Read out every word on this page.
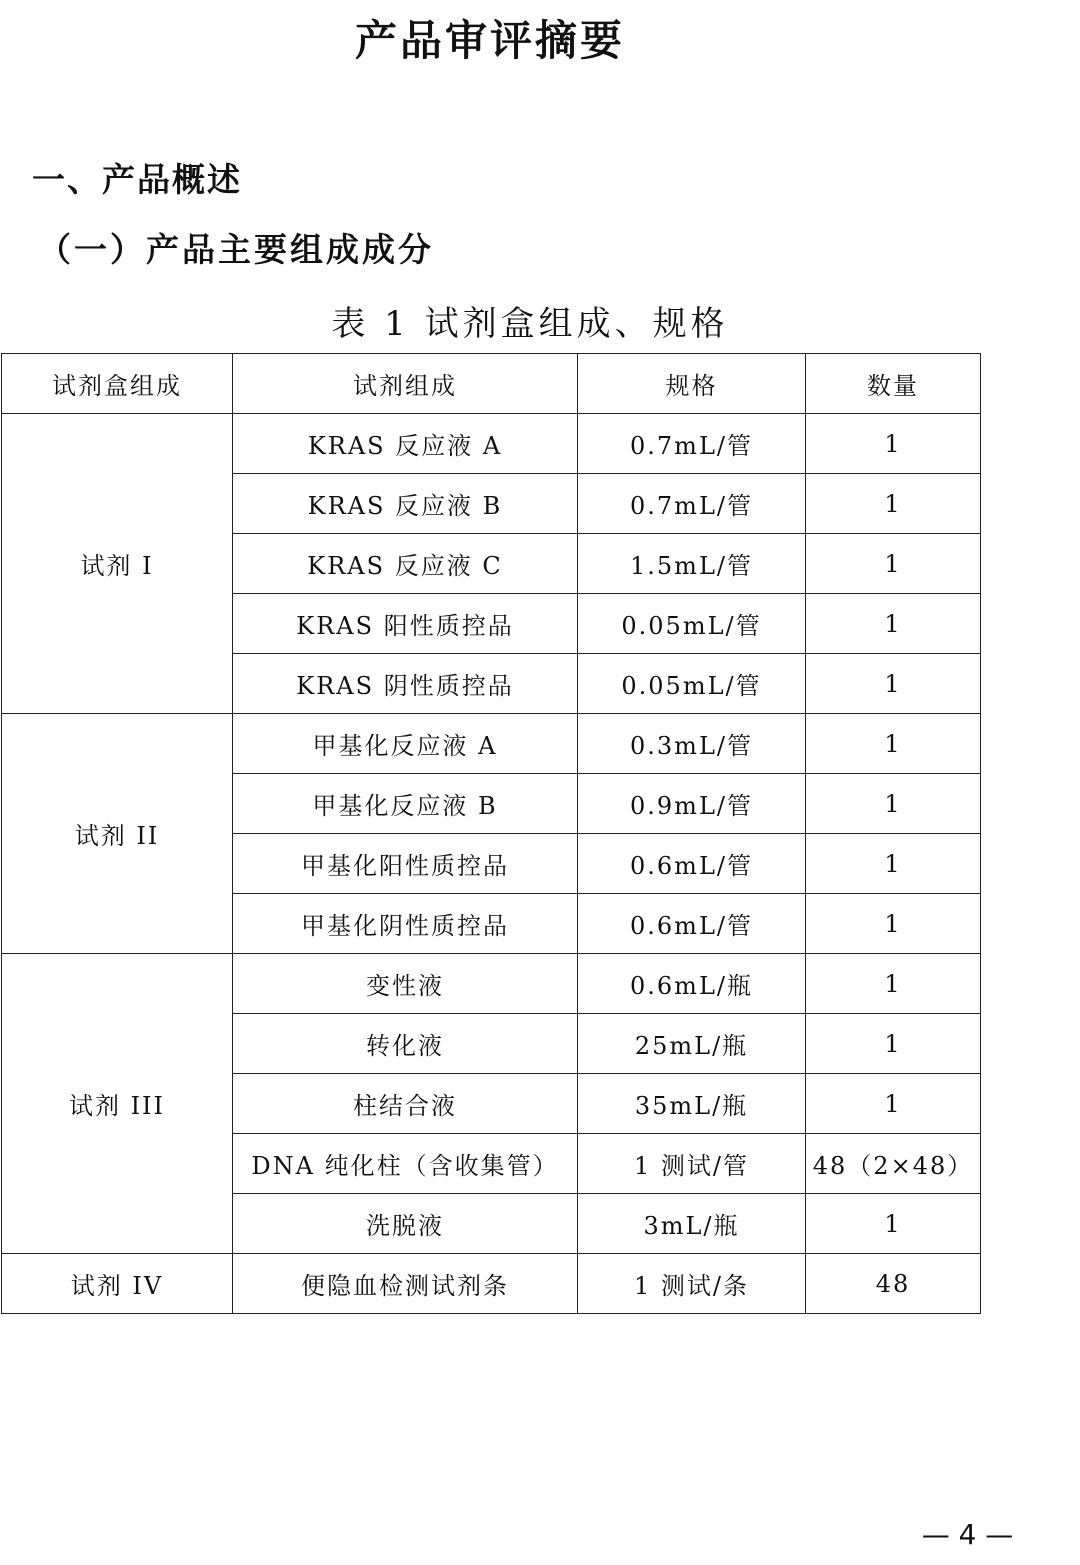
产品审评摘要
一、产品概述
（一）产品主要组成成分

表 1 试剂盒组成、规格

试剂盒组成	试剂组成	规格	数量
试剂 I	KRAS 反应液 A	0.7mL/管	1
	KRAS 反应液 B	0.7mL/管	1
	KRAS 反应液 C	1.5mL/管	1
	KRAS 阳性质控品	0.05mL/管	1
	KRAS 阴性质控品	0.05mL/管	1
试剂 II	甲基化反应液 A	0.3mL/管	1
	甲基化反应液 B	0.9mL/管	1
	甲基化阳性质控品	0.6mL/管	1
	甲基化阴性质控品	0.6mL/管	1
试剂 III	变性液	0.6mL/瓶	1
	转化液	25mL/瓶	1
	柱结合液	35mL/瓶	1
	DNA 纯化柱（含收集管）	1 测试/管	48（2×48）
	洗脱液	3mL/瓶	1
试剂 IV	便隐血检测试剂条	1 测试/条	48
— 4 —
